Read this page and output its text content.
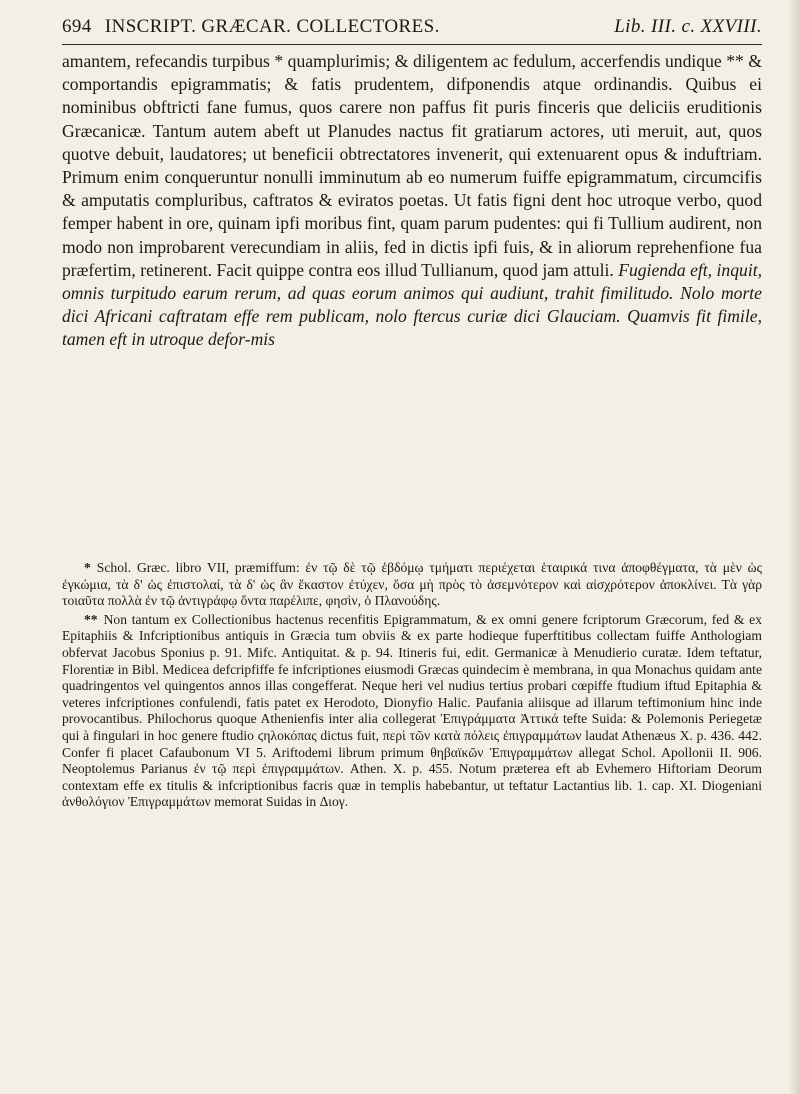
694 INSCRIPT. GRÆCAR. COLLECTORES.	Lib. III. c. XXVIII.

amantem, refecandis turpibus * quamplurimis; & diligentem ac fedulum, accerfendis undique ** & comportandis epigrammatis; & fatis prudentem, difponendis atque ordinandis. Quibus ei nominibus obftricti fane fumus, quos carere non paffus fit puris finceris que deliciis eruditionis Græcanicæ. Tantum autem abeft ut Planudes nactus fit gratiarum actores, uti meruit, aut, quos quotve debuit, laudatores; ut beneficii obtrectatores invenerit, qui extenuarent opus & induftriam. Primum enim conqueruntur nonulli imminutum ab eo numerum fuiffe epigrammatum, circumcifis & amputatis compluribus, caftratos & eviratos poetas. Ut fatis figni dent hoc utroque verbo, quod femper habent in ore, quinam ipfi moribus fint, quam parum pudentes: qui fi Tullium audirent, non modo non improbarent verecundiam in aliis, fed in dictis ipfi fuis, & in aliorum reprehenfione fua præfertim, retinerent. Facit quippe contra eos illud Tullianum, quod jam attuli. Fugienda eft, inquit, omnis turpitudo earum rerum, ad quas eorum animos qui audiunt, trahit fimilitudo. Nolo morte dici Africani caftratam effe rem publicam, nolo ftercus curiæ dici Glauciam. Quamvis fit fimile, tamen eft in utroque defor-mis

* Schol. Græc. libro VII, præmiffum: ἐν τῷ δὲ τῷ ἑβδόμῳ τμήματι περιέχεται ἑταιρικά τινα ἀποφθέγματα, τὰ μὲν ὡς ἐγκώμια, τὰ δ' ὡς ἐπιστολαί, τὰ δ' ὡς ἂν ἕκαστον ἐτύχεν, ὅσα μὴ πρὸς τὸ ἀσεμνότερον καὶ αἰσχρότερον ἀποκλίνει. Τὰ γὰρ τοιαῦτα πολλὰ ἐν τῷ ἀντιγράφῳ ὄντα παρέλιπε, φησὶν, ὁ Πλανούδης.

** Non tantum ex Collectionibus hactenus recenfitis Epigrammatum, & ex omni genere fcriptorum Græcorum, fed & ex Epitaphiis & Infcriptionibus antiquis in Græcia tum obviis & ex parte hodieque fuperftitibus collectam fuiffe Anthologiam obfervat Jacobus Sponius p. 91. Mifc. Antiquitat. & p. 94. Itineris fui, edit. Germanicæ à Menudierio curatæ. Idem teftatur, Florentiæ in Bibl. Medicea defcripfiffe fe infcriptiones eiusmodi Græcas quindecim è membrana, in qua Monachus quidam ante quadringentos vel quingentos annos illas congefferat. Neque heri vel nudius tertius probari cœpiffe ftudium iftud Epitaphia & veteres infcriptiones confulendi, fatis patet ex Herodoto, Dionyfio Halic. Paufania aliisque ad illarum teftimonium hinc inde provocantibus. Philochorus quoque Athenienfis inter alia collegerat Ἐπιγράμματα Ἀττικά tefte Suida: & Polemonis Periegetæ qui à fingulari in hoc genere ftudio ϛηλοκόπας dictus fuit, περὶ τῶν κατὰ πόλεις ἐπιγραμμάτων laudat Athenæus X. p. 436. 442. Confer fi placet Cafaubonum VI 5. Ariftodemi librum primum θηβαϊκῶν Ἐπιγραμμάτων allegat Schol. Apollonii II. 906. Neoptolemus Parianus ἐν τῷ περὶ ἐπιγραμμάτων. Athen. X. p. 455. Notum præterea eft ab Evhemero Hiftoriam Deorum contextam effe ex titulis & infcriptionibus facris quæ in templis habebantur, ut teftatur Lactantius lib. 1. cap. XI. Diogeniani ἀνθολόγιον Ἐπιγραμμάτων memorat Suidas in Διογ.
